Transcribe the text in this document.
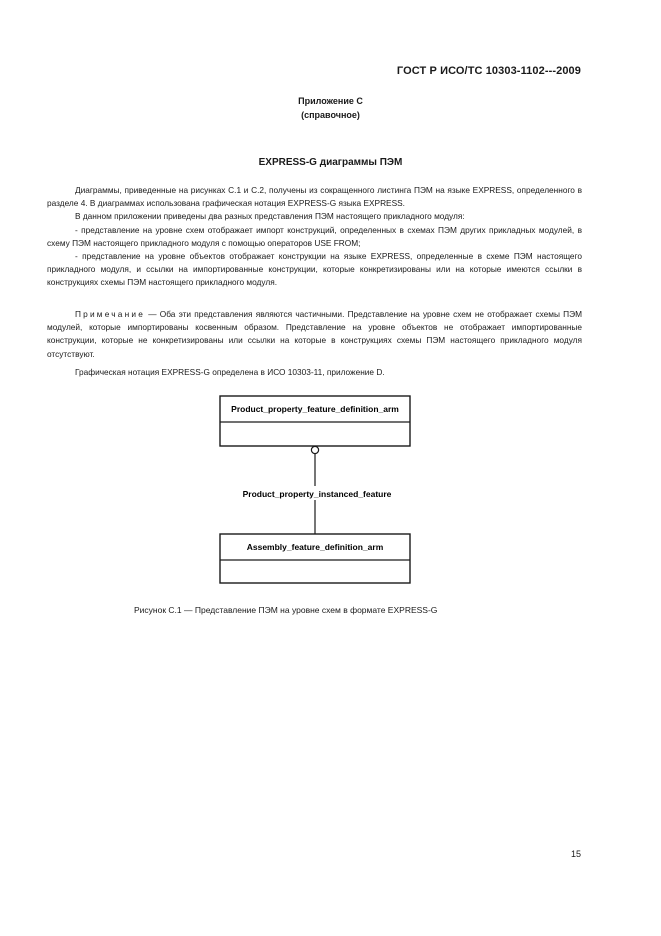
ГОСТ Р ИСО/ТС 10303-1102---2009
Приложение С
(справочное)
EXPRESS-G диаграммы ПЭМ

Диаграммы, приведенные на рисунках С.1 и С.2, получены из сокращенного листинга ПЭМ на языке EXPRESS, определенного в разделе 4. В диаграммах использована графическая нотация EXPRESS-G языка EXPRESS.

В данном приложении приведены два разных представления ПЭМ настоящего прикладного модуля:

- представление на уровне схем отображает импорт конструкций, определенных в схемах ПЭМ других прикладных модулей, в схему ПЭМ настоящего прикладного модуля с помощью операторов USE FROM;

- представление на уровне объектов отображает конструкции на языке EXPRESS, определенные в схеме ПЭМ настоящего прикладного модуля, и ссылки на импортированные конструкции, которые конкретизированы или на которые имеются ссылки в конструкциях схемы ПЭМ настоящего прикладного модуля.

Примечание — Оба эти представления являются частичными. Представление на уровне схем не отображает схемы ПЭМ модулей, которые импортированы косвенным образом. Представление на уровне объектов не отображает импортированные конструкции, которые не конкретизированы или ссылки на которые в конструкциях схемы ПЭМ настоящего прикладного модуля отсутствуют.

Графическая нотация EXPRESS-G определена в ИСО 10303-11, приложение D.

Product_property_feature_definition_arm
Product_property_instanced_feature
Assembly_feature_definition_arm
Рисунок С.1 — Представление ПЭМ на уровне схем в формате EXPRESS-G
15
